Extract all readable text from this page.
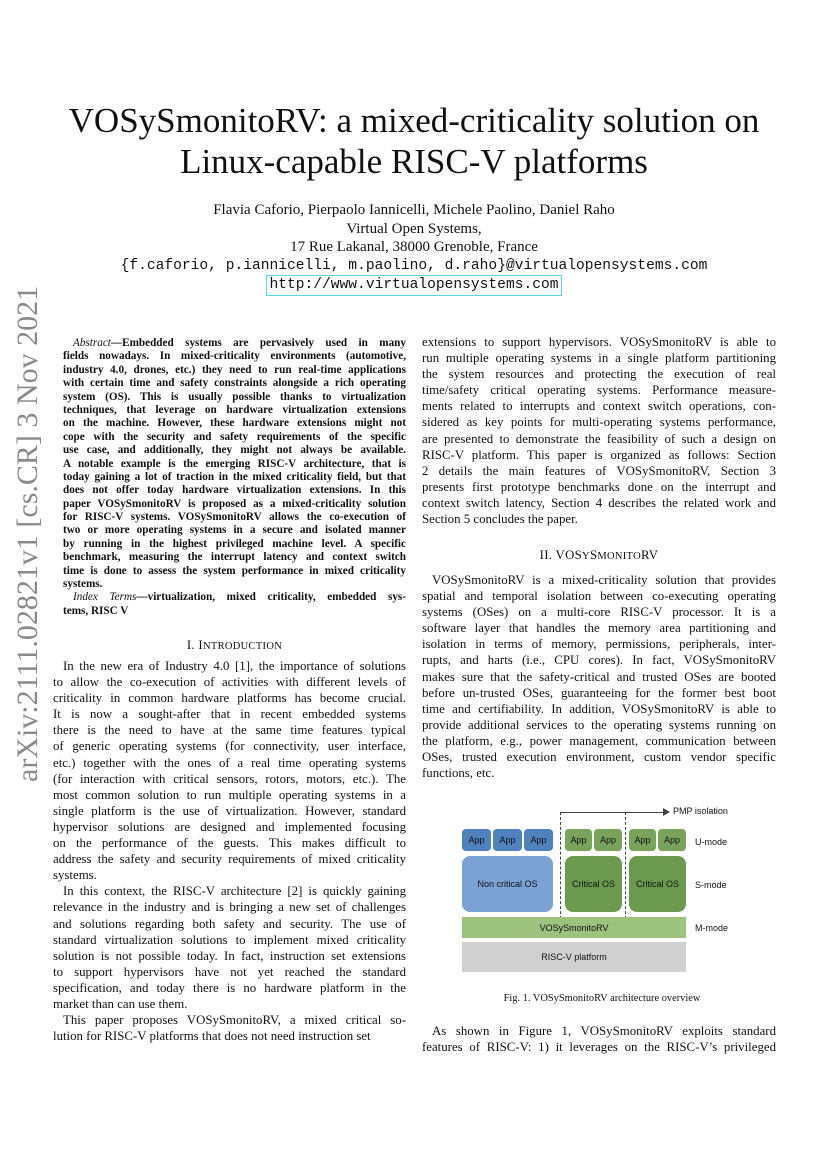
VOSySmonitoRV: a mixed-criticality solution on
Linux-capable RISC-V platforms
Flavia Caforio, Pierpaolo Iannicelli, Michele Paolino, Daniel Raho
Virtual Open Systems,
17 Rue Lakanal, 38000 Grenoble, France
{f.caforio, p.iannicelli, m.paolino, d.raho}@virtualopensystems.com
http://www.virtualopensystems.com
arXiv:2111.02821v1 [cs.CR] 3 Nov 2021	Abstract—Embedded systems are pervasively used in many
fields nowadays. In mixed-criticality environments (automotive,
industry 4.0, drones, etc.) they need to run real-time applications
with certain time and safety constraints alongside a rich operating
system (OS). This is usually possible thanks to virtualization
techniques, that leverage on hardware virtualization extensions
on the machine. However, these hardware extensions might not
cope with the security and safety requirements of the specific
use case, and additionally, they might not always be available.
A notable example is the emerging RISC-V architecture, that is
today gaining a lot of traction in the mixed criticality field, but that
does not offer today hardware virtualization extensions. In this
paper VOSySmonitoRV is proposed as a mixed-criticality solution
for RISC-V systems. VOSySmonitoRV allows the co-execution of
two or more operating systems in a secure and isolated manner
by running in the highest privileged machine level. A specific
benchmark, measuring the interrupt latency and context switch
time is done to assess the system performance in mixed criticality
systems.
Index Terms—virtualization, mixed criticality, embedded sys-
tems, RISC V
I. INTRODUCTION
In the new era of Industry 4.0 [1], the importance of solutions
to allow the co-execution of activities with different levels of
criticality in common hardware platforms has become crucial.
It is now a sought-after that in recent embedded systems
there is the need to have at the same time features typical
of generic operating systems (for connectivity, user interface,
etc.) together with the ones of a real time operating systems
(for interaction with critical sensors, rotors, motors, etc.). The
most common solution to run multiple operating systems in a
single platform is the use of virtualization. However, standard
hypervisor solutions are designed and implemented focusing
on the performance of the guests. This makes difficult to
address the safety and security requirements of mixed criticality
systems.
In this context, the RISC-V architecture [2] is quickly gaining
relevance in the industry and is bringing a new set of challenges
and solutions regarding both safety and security. The use of
standard virtualization solutions to implement mixed criticality
solution is not possible today. In fact, instruction set extensions
to support hypervisors have not yet reached the standard
specification, and today there is no hardware platform in the
market than can use them.
This paper proposes VOSySmonitoRV, a mixed critical so-
lution for RISC-V platforms that does not need instruction set
extensions to support hypervisors. VOSySmonitoRV is able to
run multiple operating systems in a single platform partitioning
the system resources and protecting the execution of real
time/safety critical operating systems. Performance measure-
ments related to interrupts and context switch operations, con-
sidered as key points for multi-operating systems performance,
are presented to demonstrate the feasibility of such a design on
RISC-V platform. This paper is organized as follows: Section
2 details the main features of VOSySmonitoRV, Section 3
presents first prototype benchmarks done on the interrupt and
context switch latency, Section 4 describes the related work and
Section 5 concludes the paper.
II. VOSYSMONITORV
VOSySmonitoRV is a mixed-criticality solution that provides
spatial and temporal isolation between co-executing operating
systems (OSes) on a multi-core RISC-V processor. It is a
software layer that handles the memory area partitioning and
isolation in terms of memory, permissions, peripherals, inter-
rupts, and harts (i.e., CPU cores). In fact, VOSySmonitoRV
makes sure that the safety-critical and trusted OSes are booted
before un-trusted OSes, guaranteeing for the former best boot
time and certifiability. In addition, VOSySmonitoRV is able to
provide additional services to the operating systems running on
the platform, e.g., power management, communication between
OSes, trusted execution environment, custom vendor specific
functions, etc.
PMP isolation
App	App	App	App	App	App	App	U-mode
Non critical OS	Critical OS	Critical OS	S-mode
VOSySmonitoRV	M-mode
RISC-V platform
Fig. 1. VOSySmonitoRV architecture overview
As shown in Figure 1, VOSySmonitoRV exploits standard
features of RISC-V: 1) it leverages on the RISC-V’s privileged
